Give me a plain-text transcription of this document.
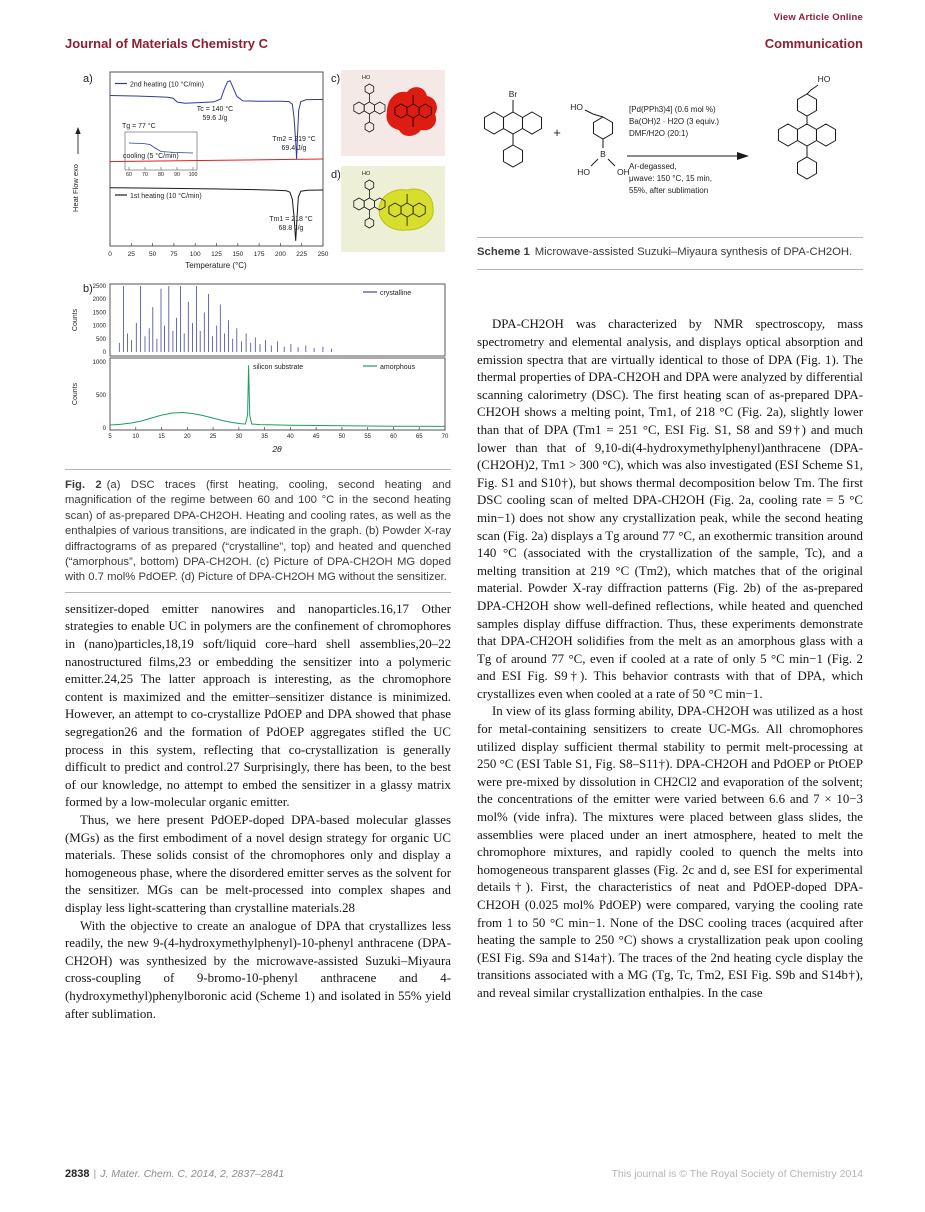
View Article Online
Journal of Materials Chemistry C	Communication
a)
0 25 50 75 100 125 150 175 200 225 250
2nd heating (10 °C/min)
cooling (5 °C/min)
1st heating (10 °C/min)
Tc = 140 °C
59.6 J/g
Tg = 77 °C
Tm2 = 219 °C
69.4 J/g
Tm1 = 218 °C
68.8 J/g
60 70 80 90 100
Heat Flow exo
Temperature (°C)
c)	HO
d)	HO
b) 2500
2000
1500
1000
500
0
crystalline
Counts
1000
500
0
amorphous
silicon substrate
Counts
5	10	15	20	25	30	35	40	45	50	55	60	65	70
2θ

Fig. 2 (a) DSC traces (first heating, cooling, second heating and magnification of the regime between 60 and 100 °C in the second heating scan) of as-prepared DPA-CH2OH. Heating and cooling rates, as well as the enthalpies of various transitions, are indicated in the graph. (b) Powder X-ray diffractograms of as prepared (“crystalline”, top) and heated and quenched (“amorphous”, bottom) DPA-CH2OH. (c) Picture of DPA-CH2OH MG doped with 0.7 mol% PdOEP. (d) Picture of DPA-CH2OH MG without the sensitizer.

sensitizer-doped emitter nanowires and nanoparticles.16,17 Other strategies to enable UC in polymers are the confinement of chromophores in (nano)particles,18,19 soft/liquid core–hard shell assemblies,20–22 nanostructured films,23 or embedding the sensitizer into a polymeric emitter.24,25 The latter approach is interesting, as the chromophore content is maximized and the emitter–sensitizer distance is minimized. However, an attempt to co-crystallize PdOEP and DPA showed that phase segregation26 and the formation of PdOEP aggregates stifled the UC process in this system, reflecting that co-crystallization is generally difficult to predict and control.27 Surprisingly, there has been, to the best of our knowledge, no attempt to embed the sensitizer in a glassy matrix formed by a low-molecular organic emitter.

Thus, we here present PdOEP-doped DPA-based molecular glasses (MGs) as the first embodiment of a novel design strategy for organic UC materials. These solids consist of the chromophores only and display a homogeneous phase, where the disordered emitter serves as the solvent for the sensitizer. MGs can be melt-processed into complex shapes and display less light-scattering than crystalline materials.28

With the objective to create an analogue of DPA that crystallizes less readily, the new 9-(4-hydroxymethylphenyl)-10-phenyl anthracene (DPA-CH2OH) was synthesized by the microwave-assisted Suzuki–Miyaura cross-coupling of 9-bromo-10-phenyl anthracene and 4-(hydroxymethyl)phenylboronic acid (Scheme 1) and isolated in 55% yield after sublimation.

Br
+
HO
B
HO	OH
[Pd(PPh3)4] (0.6 mol %)
Ba(OH)2 · H2O (3 equiv.)
DMF/H2O (20:1)
Ar-degassed,
μwave: 150 °C, 15 min,
55%, after sublimation
HO

Scheme 1 Microwave-assisted Suzuki–Miyaura synthesis of DPA-CH2OH.

DPA-CH2OH was characterized by NMR spectroscopy, mass spectrometry and elemental analysis, and displays optical absorption and emission spectra that are virtually identical to those of DPA (Fig. 1). The thermal properties of DPA-CH2OH and DPA were analyzed by differential scanning calorimetry (DSC). The first heating scan of as-prepared DPA-CH2OH shows a melting point, Tm1, of 218 °C (Fig. 2a), slightly lower than that of DPA (Tm1 = 251 °C, ESI Fig. S1, S8 and S9†) and much lower than that of 9,10-di(4-hydroxymethylphenyl)anthracene (DPA-(CH2OH)2, Tm1 > 300 °C), which was also investigated (ESI Scheme S1, Fig. S1 and S10†), but shows thermal decomposition below Tm. The first DSC cooling scan of melted DPA-CH2OH (Fig. 2a, cooling rate = 5 °C min−1) does not show any crystallization peak, while the second heating scan (Fig. 2a) displays a Tg around 77 °C, an exothermic transition around 140 °C (associated with the crystallization of the sample, Tc), and a melting transition at 219 °C (Tm2), which matches that of the original material. Powder X-ray diffraction patterns (Fig. 2b) of the as-prepared DPA-CH2OH show well-defined reflections, while heated and quenched samples display diffuse diffraction. Thus, these experiments demonstrate that DPA-CH2OH solidifies from the melt as an amorphous glass with a Tg of around 77 °C, even if cooled at a rate of only 5 °C min−1 (Fig. 2 and ESI Fig. S9†). This behavior contrasts with that of DPA, which crystallizes even when cooled at a rate of 50 °C min−1.

In view of its glass forming ability, DPA-CH2OH was utilized as a host for metal-containing sensitizers to create UC-MGs. All chromophores utilized display sufficient thermal stability to permit melt-processing at 250 °C (ESI Table S1, Fig. S8–S11†). DPA-CH2OH and PdOEP or PtOEP were pre-mixed by dissolution in CH2Cl2 and evaporation of the solvent; the concentrations of the emitter were varied between 6.6 and 7 × 10−3 mol% (vide infra). The mixtures were placed between glass slides, the assemblies were placed under an inert atmosphere, heated to melt the chromophore mixtures, and rapidly cooled to quench the melts into homogeneous transparent glasses (Fig. 2c and d, see ESI for experimental details†). First, the characteristics of neat and PdOEP-doped DPA-CH2OH (0.025 mol% PdOEP) were compared, varying the cooling rate from 1 to 50 °C min−1. None of the DSC cooling traces (acquired after heating the sample to 250 °C) shows a crystallization peak upon cooling (ESI Fig. S9a and S14a†). The traces of the 2nd heating cycle display the transitions associated with a MG (Tg, Tc, Tm2, ESI Fig. S9b and S14b†), and reveal similar crystallization enthalpies. In the case

2838 | J. Mater. Chem. C, 2014, 2, 2837–2841	This journal is © The Royal Society of Chemistry 2014
